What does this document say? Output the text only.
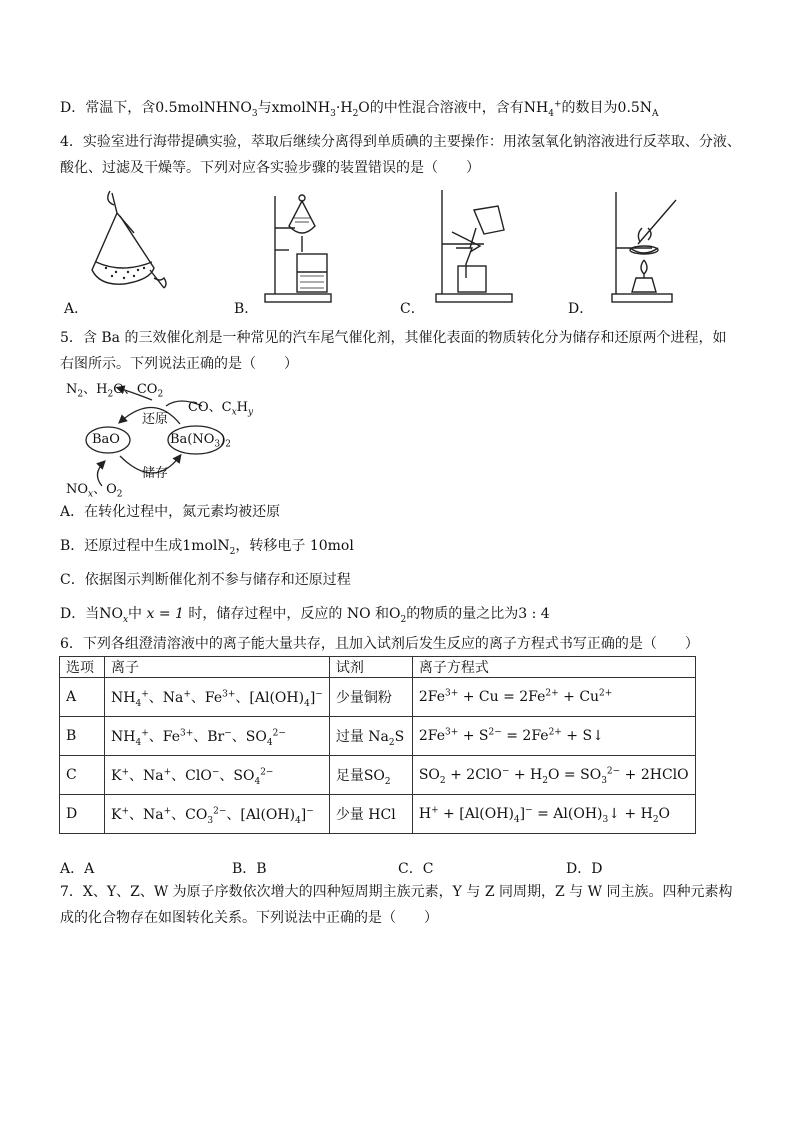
D．常温下，含0.5molNHNO$_3$与$xmolNH_3\cdot H_2O$的中性混合溶液中，含有$NH_4^+$的数目为$0.5N_A$
4．实验室进行海带提碘实验，萃取后继续分离得到单质碘的主要操作：用浓氢氧化钠溶液进行反萃取、分液、
酸化、过滤及干燥等。下列对应各实验步骤的装置错误的是（　　）
A．	B．	C．	D．
5．含 Ba 的三效催化剂是一种常见的汽车尾气催化剂，其催化表面的物质转化分为储存和还原两个进程，如
右图所示。下列说法正确的是（　　）
$N_2$、$H_2O$、$CO_2$
CO、$C_xH_y$
还原
储存
BaO	$Ba(NO_3)_2$
$NO_x$、$O_2$
A．在转化过程中，氮元素均被还原
B．还原过程中生成1molN$_2$，转移电子 10mol
C．依据图示判断催化剂不参与储存和还原过程
D．当$NO_x$中 x = 1 时，储存过程中，反应的 NO 和$O_2$的物质的量之比为3 : 4
6．下列各组澄清溶液中的离子能大量共存，且加入试剂后发生反应的离子方程式书写正确的是（　　）
选项	离子	试剂	离子方程式
A	$NH_4^+$、Na+、$Fe^{3+}$、$[Al(OH)_4]^-$	少量铜粉	$2Fe^{3+} + Cu = 2Fe^{2+} + Cu^{2+}$
B	$NH_4^+$、$Fe^{3+}$、Br−、$SO_4^{2-}$	过量 $Na_2S$	$2Fe^{3+} + S^{2-} = 2Fe^{2+}$ + S↓
C	K+、Na+、ClO−、$SO_4^{2-}$	足量$SO_2$	$SO_2 + 2ClO^- + H_2O = SO_3^{2-}$ + 2HClO
D	K+、Na+、$CO_3^{2-}$、$[Al(OH)_4]^-$	少量 HCl	$H^+ + [Al(OH)_4]^-$ = $Al(OH)_3↓ + H_2O$
A．A	B．B	C．C	D．D
7．X、Y、Z、W 为原子序数依次增大的四种短周期主族元素，Y 与 Z 同周期，Z 与 W 同主族。四种元素构
成的化合物存在如图转化关系。下列说法中正确的是（　　）
